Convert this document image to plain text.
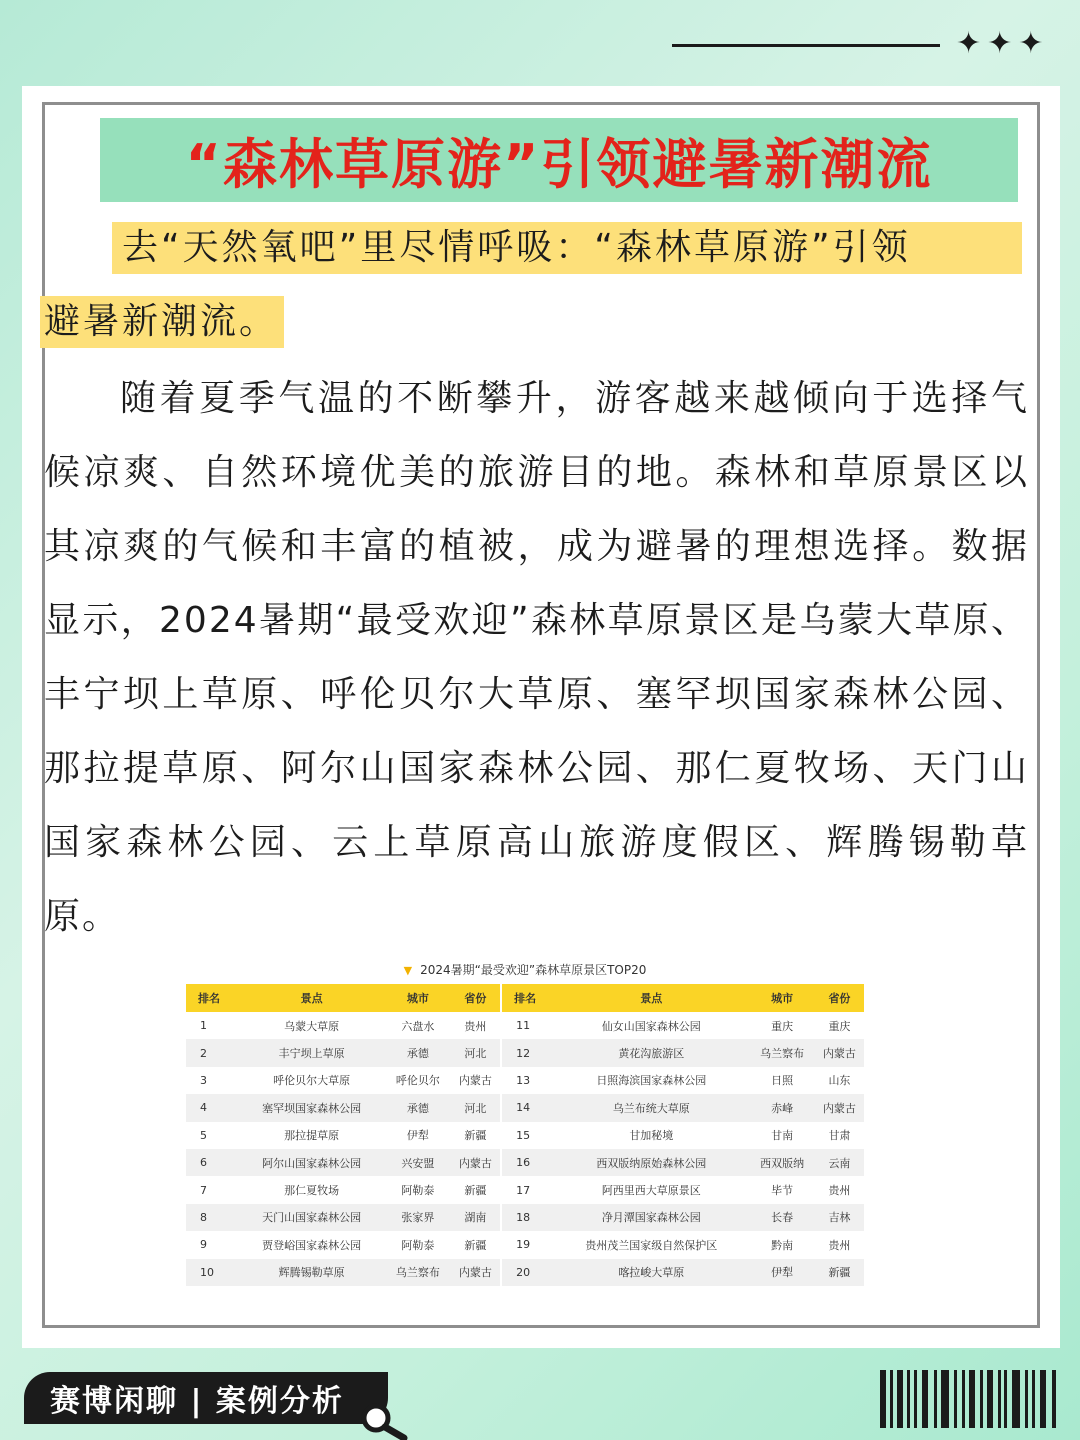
✦✦✦
“森林草原游”引领避暑新潮流
去“天然氧吧”里尽情呼吸：“森林草原游”引领
避暑新潮流。

随着夏季气温的不断攀升，游客越来越倾向于选择气候凉爽、自然环境优美的旅游目的地。森林和草原景区以其凉爽的气候和丰富的植被，成为避暑的理想选择。数据显示，2024暑期“最受欢迎”森林草原景区是乌蒙大草原、丰宁坝上草原、呼伦贝尔大草原、塞罕坝国家森林公园、那拉提草原、阿尔山国家森林公园、那仁夏牧场、天门山国家森林公园、云上草原高山旅游度假区、辉腾锡勒草原。

▼ 2024暑期“最受欢迎”森林草原景区TOP20
排名	景点	城市	省份	排名	景点	城市	省份
1	乌蒙大草原	六盘水	贵州	11	仙女山国家森林公园	重庆	重庆
2	丰宁坝上草原	承德	河北	12	黄花沟旅游区	乌兰察布	内蒙古
3	呼伦贝尔大草原	呼伦贝尔	内蒙古	13	日照海滨国家森林公园	日照	山东
4	塞罕坝国家森林公园	承德	河北	14	乌兰布统大草原	赤峰	内蒙古
5	那拉提草原	伊犁	新疆	15	甘加秘境	甘南	甘肃
6	阿尔山国家森林公园	兴安盟	内蒙古	16	西双版纳原始森林公园	西双版纳	云南
7	那仁夏牧场	阿勒泰	新疆	17	阿西里西大草原景区	毕节	贵州
8	天门山国家森林公园	张家界	湖南	18	净月潭国家森林公园	长春	吉林
9	贾登峪国家森林公园	阿勒泰	新疆	19	贵州茂兰国家级自然保护区	黔南	贵州
10	辉腾锡勒草原	乌兰察布	内蒙古	20	喀拉峻大草原	伊犁	新疆
赛博闲聊 | 案例分析
